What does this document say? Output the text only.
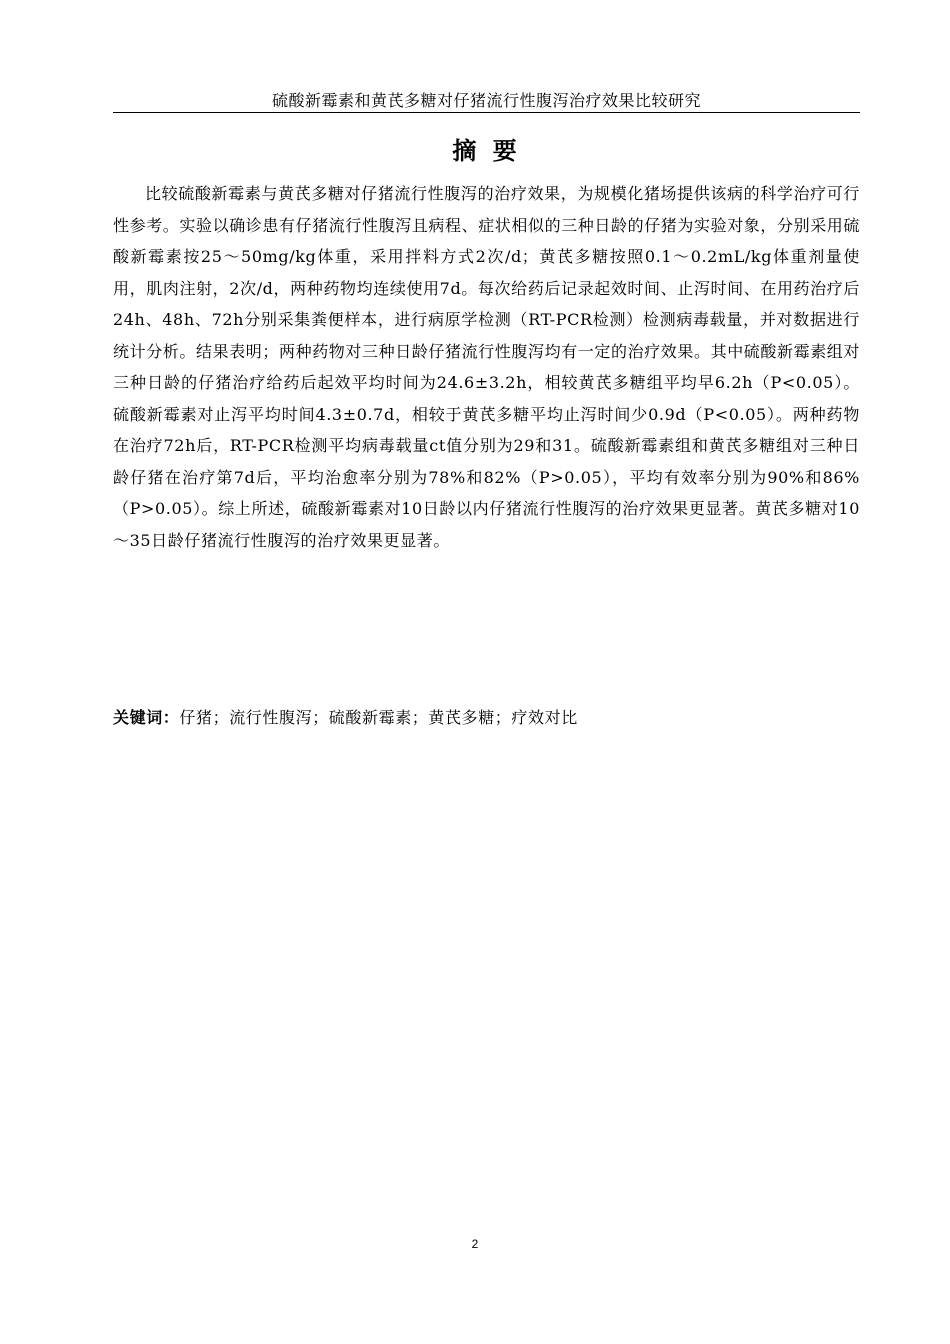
硫酸新霉素和黄芪多糖对仔猪流行性腹泻治疗效果比较研究
摘 要

比较硫酸新霉素与黄芪多糖对仔猪流行性腹泻的治疗效果，为规模化猪场提供该病的科学治疗可行性参考。实验以确诊患有仔猪流行性腹泻且病程、症状相似的三种日龄的仔猪为实验对象，分别采用硫酸新霉素按25～50mg/kg体重，采用拌料方式2次/d；黄芪多糖按照0.1～0.2mL/kg体重剂量使用，肌肉注射，2次/d，两种药物均连续使用7d。每次给药后记录起效时间、止泻时间、在用药治疗后24h、48h、72h分别采集粪便样本，进行病原学检测（RT-PCR检测）检测病毒载量，并对数据进行统计分析。结果表明；两种药物对三种日龄仔猪流行性腹泻均有一定的治疗效果。其中硫酸新霉素组对三种日龄的仔猪治疗给药后起效平均时间为24.6±3.2h，相较黄芪多糖组平均早6.2h（P<0.05）。硫酸新霉素对止泻平均时间4.3±0.7d，相较于黄芪多糖平均止泻时间少0.9d（P<0.05）。两种药物在治疗72h后，RT-PCR检测平均病毒载量ct值分别为29和31。硫酸新霉素组和黄芪多糖组对三种日龄仔猪在治疗第7d后，平均治愈率分别为78%和82%（P>0.05），平均有效率分别为90%和86%（P>0.05）。综上所述，硫酸新霉素对10日龄以内仔猪流行性腹泻的治疗效果更显著。黄芪多糖对10～35日龄仔猪流行性腹泻的治疗效果更显著。

关键词：仔猪；流行性腹泻；硫酸新霉素；黄芪多糖；疗效对比

2
